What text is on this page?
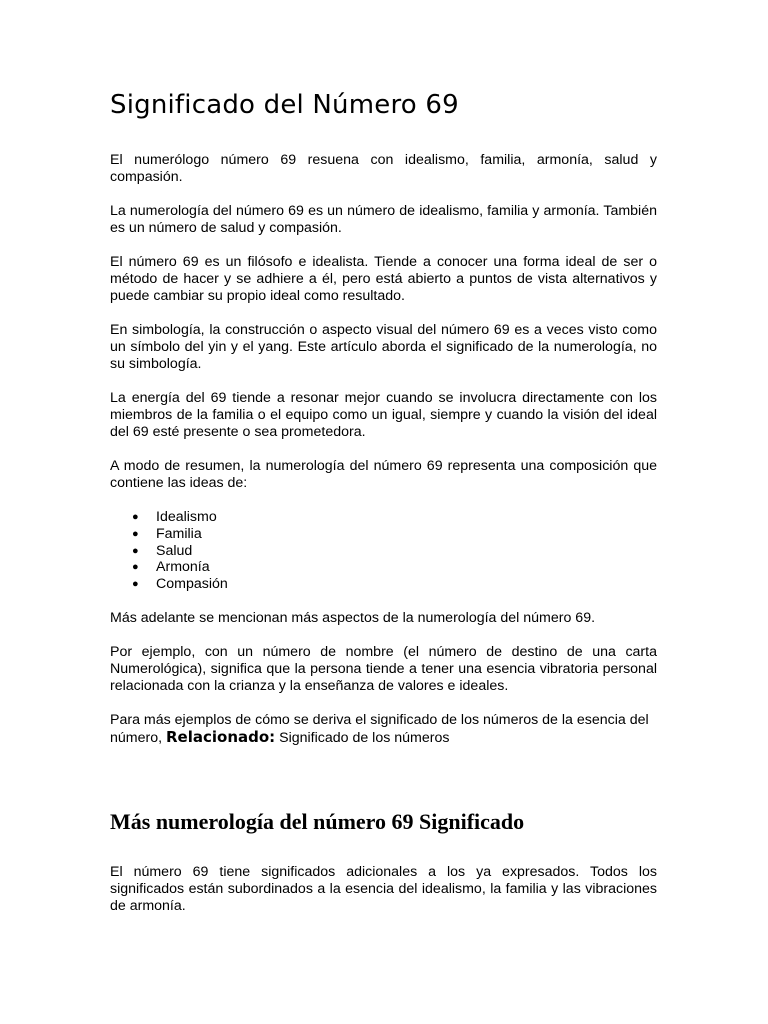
Significado del Número 69

El numerólogo número 69 resuena con idealismo, familia, armonía, salud y compasión.

La numerología del número 69 es un número de idealismo, familia y armonía. También es un número de salud y compasión.

El número 69 es un filósofo e idealista. Tiende a conocer una forma ideal de ser o método de hacer y se adhiere a él, pero está abierto a puntos de vista alternativos y puede cambiar su propio ideal como resultado.

En simbología, la construcción o aspecto visual del número 69 es a veces visto como un símbolo del yin y el yang. Este artículo aborda el significado de la numerología, no su simbología.

La energía del 69 tiende a resonar mejor cuando se involucra directamente con los miembros de la familia o el equipo como un igual, siempre y cuando la visión del ideal del 69 esté presente o sea prometedora.

A modo de resumen, la numerología del número 69 representa una composición que contiene las ideas de:

● Idealismo
● Familia
● Salud
● Armonía
● Compasión

Más adelante se mencionan más aspectos de la numerología del número 69.

Por ejemplo, con un número de nombre (el número de destino de una carta Numerológica), significa que la persona tiende a tener una esencia vibratoria personal relacionada con la crianza y la enseñanza de valores e ideales.

Para más ejemplos de cómo se deriva el significado de los números de la esencia del número, Relacionado: Significado de los números

Más numerología del número 69 Significado

El número 69 tiene significados adicionales a los ya expresados. Todos los significados están subordinados a la esencia del idealismo, la familia y las vibraciones de armonía.
